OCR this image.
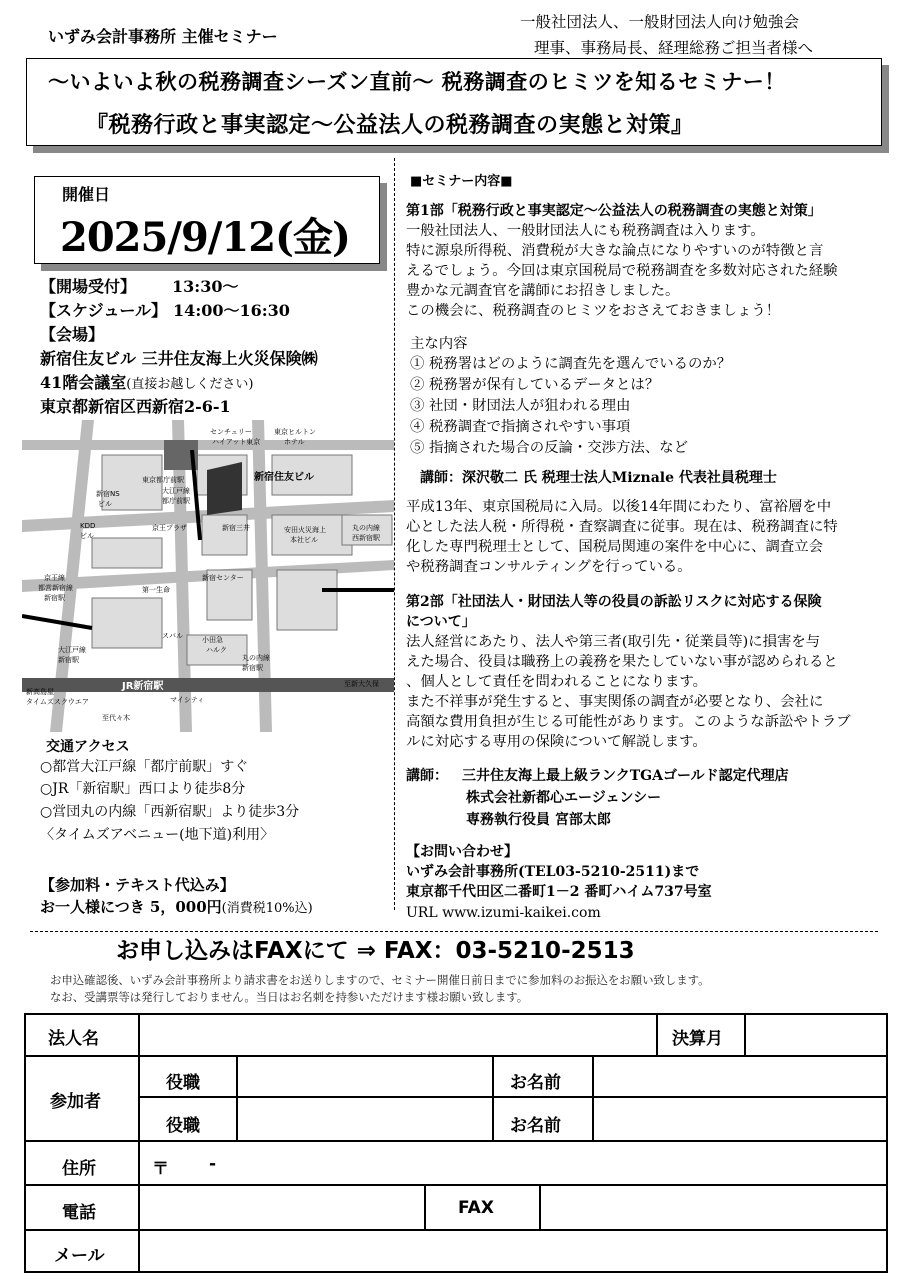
いずみ会計事務所 主催セミナー
一般社団法人、一般財団法人向け勉強会
理事、事務局長、経理総務ご担当者様へ
～いよいよ秋の税務調査シーズン直前～ 税務調査のヒミツを知るセミナー！
『税務行政と事実認定～公益法人の税務調査の実態と対策』
開催日
2025/9/12(金)
【開場受付】 13:30～
【スケジュール】 14:00～16:30
【会場】
新宿住友ビル 三井住友海上火災保険㈱
41階会議室(直接お越しください)
東京都新宿区西新宿2-6-1
センチュリー
ハイアット東京
東京ヒルトン
ホテル
東京都庁前駅
大江戸線
都庁前駅
新宿NS
ビル
KDD
ビル
京王プラザ	新宿三井	安田火災海上
本社ビル
丸の内線
西新宿駅
京王線
都営新宿線
新宿駅
新宿センター
第一生命
スバル	小田急
ハルク
大江戸線
新宿駅	丸の内線
新宿駅
至新大久保
新高島屋
タイムズスクウエア	マイシティ
至代々木
JR新宿駅
新宿住友ビル
交通アクセス
○都営大江戸線「都庁前駅」すぐ
○JR「新宿駅」西口より徒歩8分
○営団丸の内線「西新宿駅」より徒歩3分
〈タイムズアベニュー(地下道)利用〉
【参加料・テキスト代込み】
お一人様につき 5，000円(消費税10%込)
■セミナー内容■
第1部「税務行政と事実認定～公益法人の税務調査の実態と対策」
一般社団法人、一般財団法人にも税務調査は入ります。
特に源泉所得税、消費税が大きな論点になりやすいのが特徴と言
えるでしょう。今回は東京国税局で税務調査を多数対応された経験
豊かな元調査官を講師にお招きしました。
この機会に、税務調査のヒミツをおさえておきましょう！
主な内容
① 税務署はどのように調査先を選んでいるのか？
② 税務署が保有しているデータとは？
③ 社団・財団法人が狙われる理由
④ 税務調査で指摘されやすい事項
⑤ 指摘された場合の反論・交渉方法、など
講師：深沢敬二 氏 税理士法人Miznale 代表社員税理士
平成13年、東京国税局に入局。以後14年間にわたり、富裕層を中
心とした法人税・所得税・査察調査に従事。現在は、税務調査に特
化した専門税理士として、国税局関連の案件を中心に、調査立会
や税務調査コンサルティングを行っている。
第2部「社団法人・財団法人等の役員の訴訟リスクに対応する保険
について」
法人経営にあたり、法人や第三者(取引先・従業員等)に損害を与
えた場合、役員は職務上の義務を果たしていない事が認められると
、個人として責任を問われることになります。
また不祥事が発生すると、事実関係の調査が必要となり、会社に
高額な費用負担が生じる可能性があります。このような訴訟やトラブ
ルに対応する専用の保険について解説します。
講師： 三井住友海上最上級ランクTGAゴールド認定代理店
株式会社新都心エージェンシー
専務執行役員 宮部太郎
【お問い合わせ】
いずみ会計事務所(TEL03-5210-2511)まで
東京都千代田区二番町1－2 番町ハイム737号室
URL www.izumi-kaikei.com
お申し込みはFAXにて ⇒ FAX：03-5210-2513
お申込確認後、いずみ会計事務所より請求書をお送りしますので、セミナー開催日前日までに参加料のお振込をお願い致します。
なお、受講票等は発行しておりません。当日はお名刺を持参いただけます様お願い致します。
法人名	決算月
参加者
役職	お名前
役職	お名前
住所	〒 -
電話	FAX
メール
